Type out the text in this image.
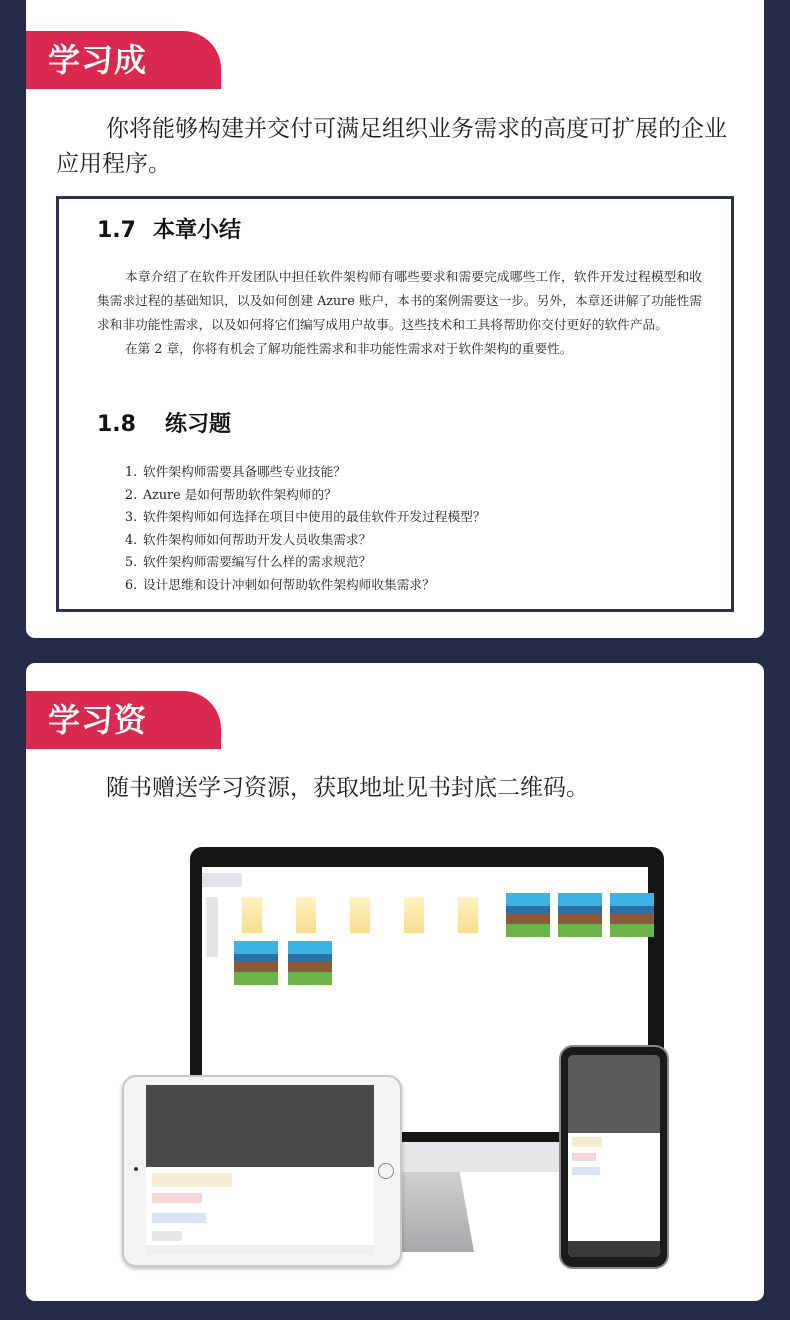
学习成果：
你将能够构建并交付可满足组织业务需求的高度可扩展的企业应用程序。
1.7 本章小结

本章介绍了在软件开发团队中担任软件架构师有哪些要求和需要完成哪些工作，软件开发过程模型和收集需求过程的基础知识，以及如何创建 Azure 账户，本书的案例需要这一步。另外，本章还讲解了功能性需求和非功能性需求，以及如何将它们编写成用户故事。这些技术和工具将帮助你交付更好的软件产品。

在第 2 章，你将有机会了解功能性需求和非功能性需求对于软件架构的重要性。

1.8 练习题
1. 软件架构师需要具备哪些专业技能？
2. Azure 是如何帮助软件架构师的？
3. 软件架构师如何选择在项目中使用的最佳软件开发过程模型？
4. 软件架构师如何帮助开发人员收集需求？
5. 软件架构师需要编写什么样的需求规范？
6. 设计思维和设计冲刺如何帮助软件架构师收集需求？
学习资源：
随书赠送学习资源，获取地址见书封底二维码。
